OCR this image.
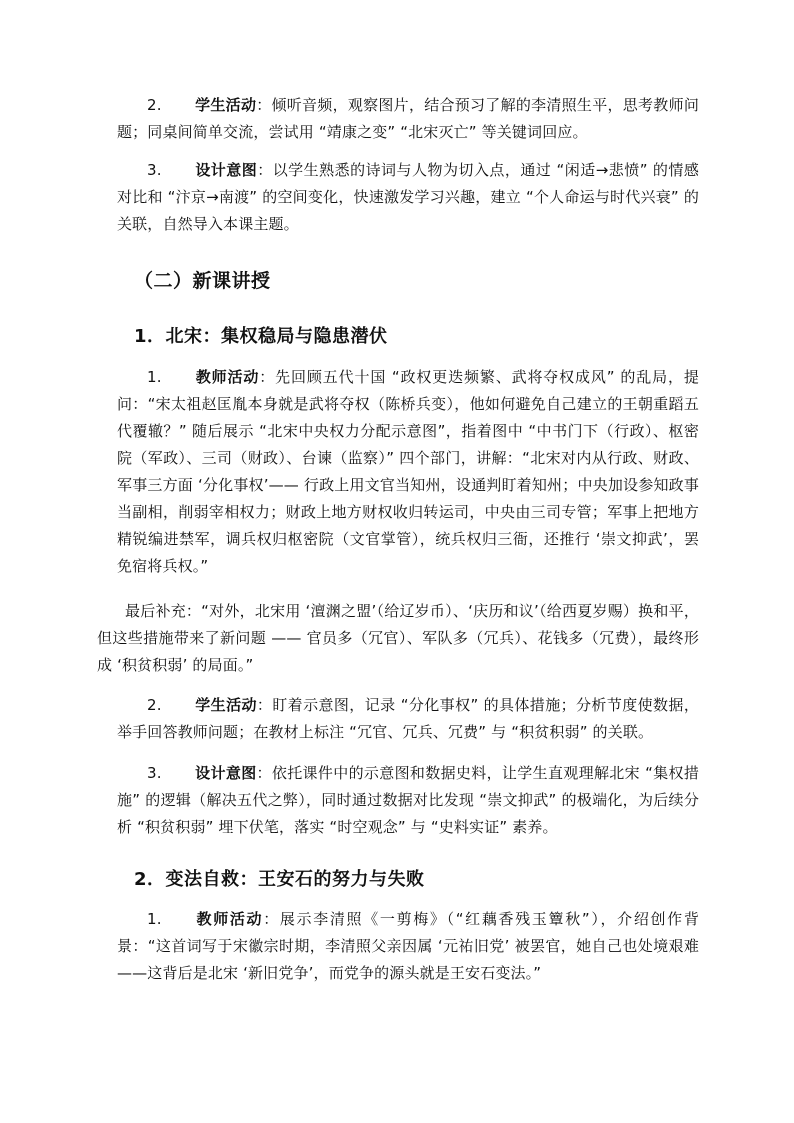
2. 学生活动：倾听音频，观察图片，结合预习了解的李清照生平，思考教师问题；同桌间简单交流，尝试用 “靖康之变” “北宋灭亡” 等关键词回应。

3. 设计意图：以学生熟悉的诗词与人物为切入点，通过 “闲适→悲愤” 的情感对比和 “汴京→南渡” 的空间变化，快速激发学习兴趣，建立 “个人命运与时代兴衰” 的关联，自然导入本课主题。

（二）新课讲授
1．北宋：集权稳局与隐患潜伏

1. 教师活动：先回顾五代十国 “政权更迭频繁、武将夺权成风” 的乱局，提问：“宋太祖赵匡胤本身就是武将夺权（陈桥兵变），他如何避免自己建立的王朝重蹈五代覆辙？” 随后展示 “北宋中央权力分配示意图”，指着图中 “中书门下（行政）、枢密院（军政）、三司（财政）、台谏（监察）” 四个部门，讲解：“北宋对内从行政、财政、军事三方面 ‘分化事权’—— 行政上用文官当知州，设通判盯着知州；中央加设参知政事当副相，削弱宰相权力；财政上地方财权收归转运司，中央由三司专管；军事上把地方精锐编进禁军，调兵权归枢密院（文官掌管），统兵权归三衙，还推行 ‘崇文抑武’，罢免宿将兵权。”

最后补充：“对外，北宋用 ‘澶渊之盟’（给辽岁币）、‘庆历和议’（给西夏岁赐）换和平，但这些措施带来了新问题 —— 官员多（冗官）、军队多（冗兵）、花钱多（冗费），最终形成 ‘积贫积弱’ 的局面。”

2. 学生活动：盯着示意图，记录 “分化事权” 的具体措施；分析节度使数据，举手回答教师问题；在教材上标注 “冗官、冗兵、冗费” 与 “积贫积弱” 的关联。

3. 设计意图：依托课件中的示意图和数据史料，让学生直观理解北宋 “集权措施” 的逻辑（解决五代之弊），同时通过数据对比发现 “崇文抑武” 的极端化，为后续分析 “积贫积弱” 埋下伏笔，落实 “时空观念” 与 “史料实证” 素养。

2．变法自救：王安石的努力与失败

1. 教师活动：展示李清照《一剪梅》（“红藕香残玉簟秋”），介绍创作背景：“这首词写于宋徽宗时期，李清照父亲因属 ‘元祐旧党’ 被罢官，她自己也处境艰难——这背后是北宋 ‘新旧党争’，而党争的源头就是王安石变法。”
